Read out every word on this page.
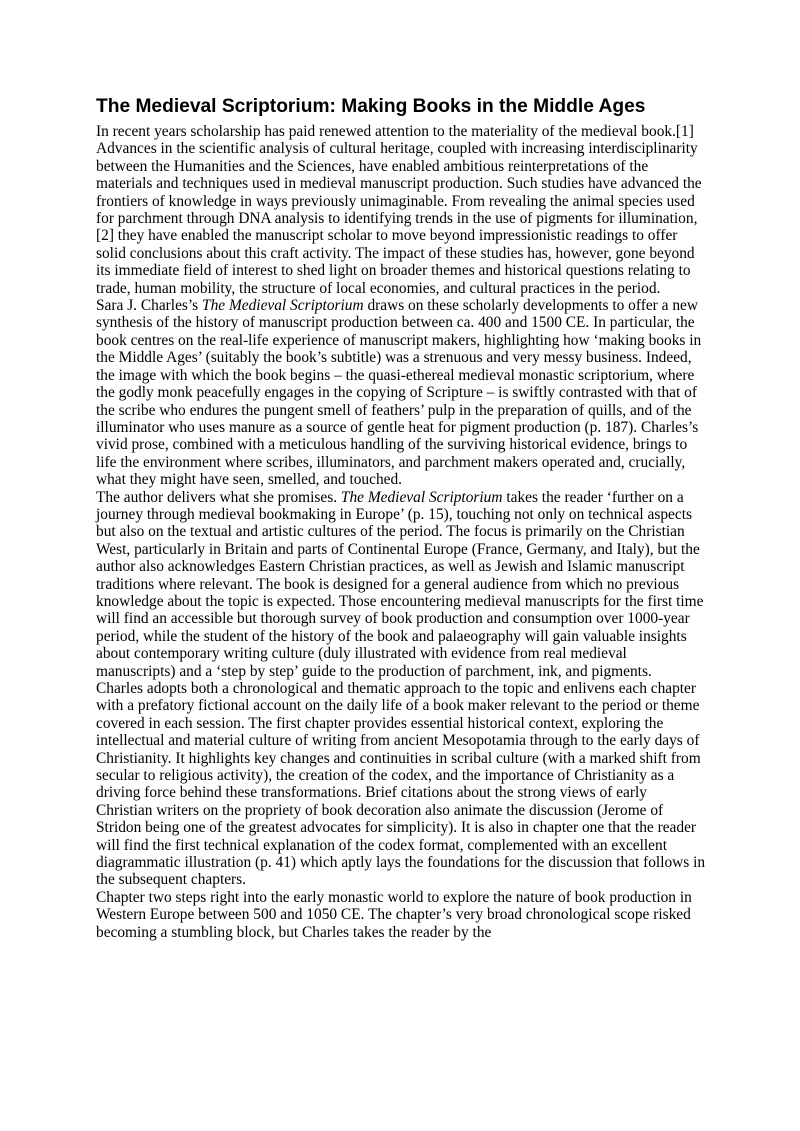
The Medieval Scriptorium: Making Books in the Middle Ages

In recent years scholarship has paid renewed attention to the materiality of the medieval book.[1]

Advances in the scientific analysis of cultural heritage, coupled with increasing interdisciplinarity between the Humanities and the Sciences, have enabled ambitious reinterpretations of the materials and techniques used in medieval manuscript production. Such studies have advanced the frontiers of knowledge in ways previously unimaginable. From revealing the animal species used for parchment through DNA analysis to identifying trends in the use of pigments for illumination,[2] they have enabled the manuscript scholar to move beyond impressionistic readings to offer solid conclusions about this craft activity. The impact of these studies has, however, gone beyond its immediate field of interest to shed light on broader themes and historical questions relating to trade, human mobility, the structure of local economies, and cultural practices in the period.

Sara J. Charles’s The Medieval Scriptorium draws on these scholarly developments to offer a new synthesis of the history of manuscript production between ca. 400 and 1500 CE. In particular, the book centres on the real-life experience of manuscript makers, highlighting how ‘making books in the Middle Ages’ (suitably the book’s subtitle) was a strenuous and very messy business. Indeed, the image with which the book begins – the quasi-ethereal medieval monastic scriptorium, where the godly monk peacefully engages in the copying of Scripture – is swiftly contrasted with that of the scribe who endures the pungent smell of feathers’ pulp in the preparation of quills, and of the illuminator who uses manure as a source of gentle heat for pigment production (p. 187). Charles’s vivid prose, combined with a meticulous handling of the surviving historical evidence, brings to life the environment where scribes, illuminators, and parchment makers operated and, crucially, what they might have seen, smelled, and touched.

The author delivers what she promises. The Medieval Scriptorium takes the reader ‘further on a journey through medieval bookmaking in Europe’ (p. 15), touching not only on technical aspects but also on the textual and artistic cultures of the period. The focus is primarily on the Christian West, particularly in Britain and parts of Continental Europe (France, Germany, and Italy), but the author also acknowledges Eastern Christian practices, as well as Jewish and Islamic manuscript traditions where relevant. The book is designed for a general audience from which no previous knowledge about the topic is expected. Those encountering medieval manuscripts for the first time will find an accessible but thorough survey of book production and consumption over 1000-year period, while the student of the history of the book and palaeography will gain valuable insights about contemporary writing culture (duly illustrated with evidence from real medieval manuscripts) and a ‘step by step’ guide to the production of parchment, ink, and pigments.

Charles adopts both a chronological and thematic approach to the topic and enlivens each chapter with a prefatory fictional account on the daily life of a book maker relevant to the period or theme covered in each session. The first chapter provides essential historical context, exploring the intellectual and material culture of writing from ancient Mesopotamia through to the early days of Christianity. It highlights key changes and continuities in scribal culture (with a marked shift from secular to religious activity), the creation of the codex, and the importance of Christianity as a driving force behind these transformations. Brief citations about the strong views of early Christian writers on the propriety of book decoration also animate the discussion (Jerome of Stridon being one of the greatest advocates for simplicity). It is also in chapter one that the reader will find the first technical explanation of the codex format, complemented with an excellent diagrammatic illustration (p. 41) which aptly lays the foundations for the discussion that follows in the subsequent chapters.

Chapter two steps right into the early monastic world to explore the nature of book production in Western Europe between 500 and 1050 CE. The chapter’s very broad chronological scope risked becoming a stumbling block, but Charles takes the reader by the
